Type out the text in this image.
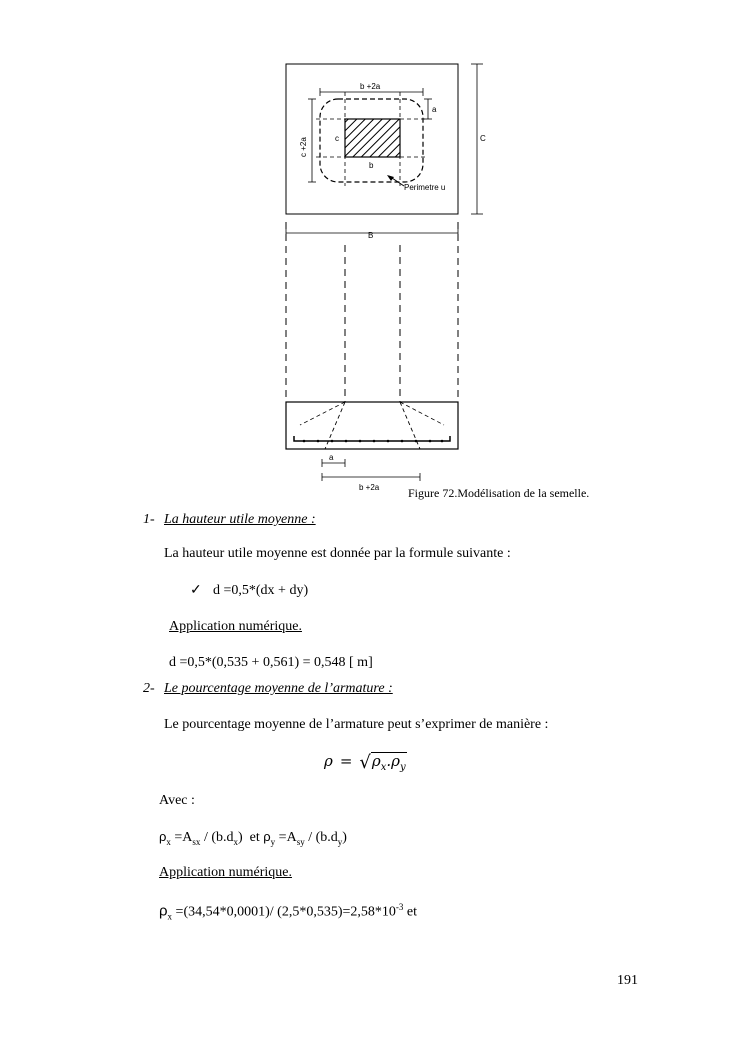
b +2a
a
c +2a	c
b
C
Perimetre u
B
a
b +2a Figure 72.Modélisation de la semelle.
1- La hauteur utile moyenne :
La hauteur utile moyenne est donnée par la formule suivante :
✓ d =0,5*(dx + dy)
Application numérique.
d =0,5*(0,535 + 0,561) = 0,548 [ m]
2- Le pourcentage moyenne de l’armature :
Le pourcentage moyenne de l’armature peut s’exprimer de manière :
$\rho = √\rho_x.\rho_y$
Avec :
$\rho_x =A_{sx} / (b.d_x)$  et $\rho_y =A_{sy} / (b.d_y)$
Application numérique.
$\rho_x =(34,54*0,0001)/$ $(2,5*0,535)=2,58*10^{-3}$ et
191
